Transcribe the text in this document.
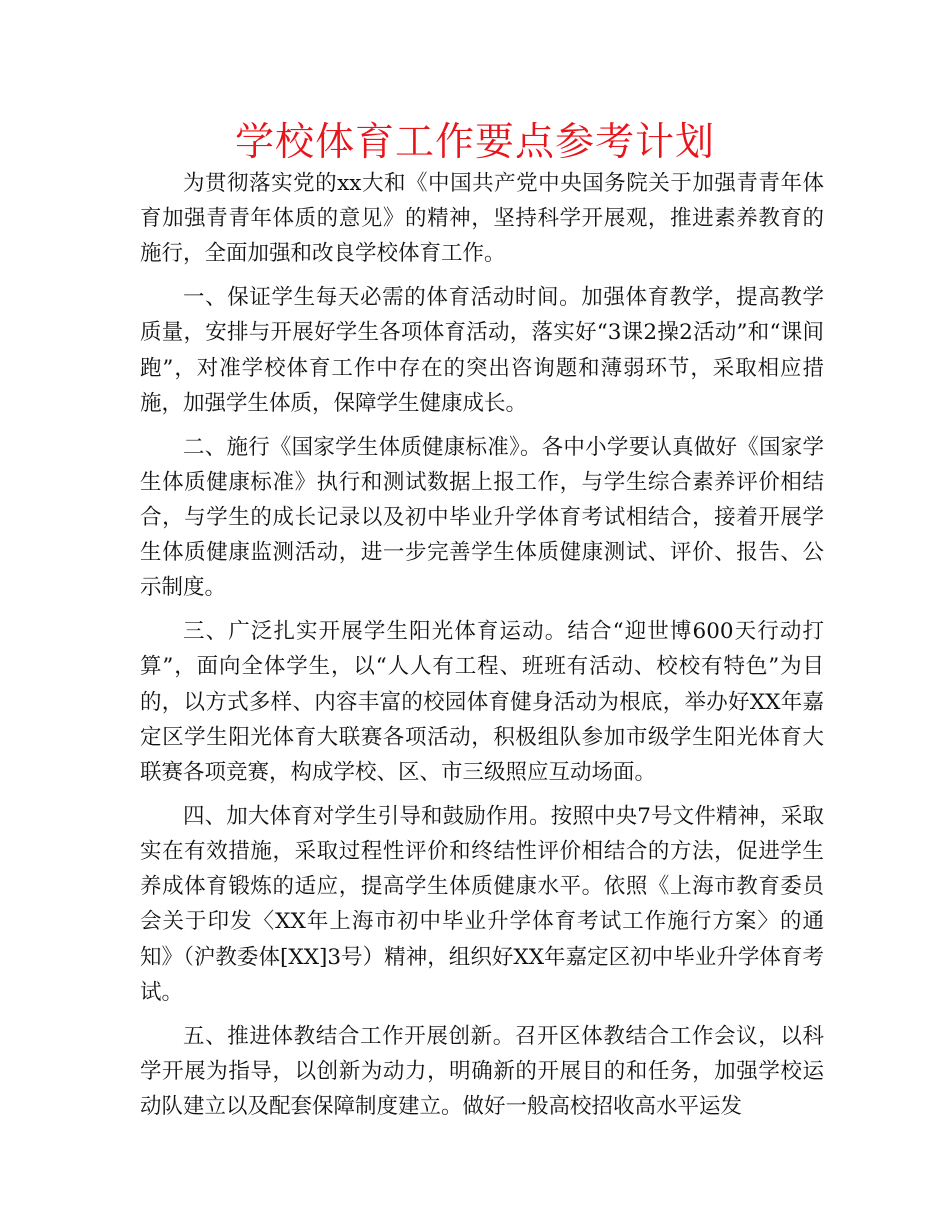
学校体育工作要点参考计划

为贯彻落实党的xx大和《中国共产党中央国务院关于加强青青年体育加强青青年体质的意见》的精神，坚持科学开展观，推进素养教育的施行，全面加强和改良学校体育工作。

一、保证学生每天必需的体育活动时间。加强体育教学，提高教学质量，安排与开展好学生各项体育活动，落实好“3课2操2活动”和“课间跑”，对准学校体育工作中存在的突出咨询题和薄弱环节，采取相应措施，加强学生体质，保障学生健康成长。

二、施行《国家学生体质健康标准》。各中小学要认真做好《国家学生体质健康标准》执行和测试数据上报工作，与学生综合素养评价相结合，与学生的成长记录以及初中毕业升学体育考试相结合，接着开展学生体质健康监测活动，进一步完善学生体质健康测试、评价、报告、公示制度。

三、广泛扎实开展学生阳光体育运动。结合“迎世博600天行动打算”，面向全体学生，以“人人有工程、班班有活动、校校有特色”为目的，以方式多样、内容丰富的校园体育健身活动为根底，举办好XX年嘉定区学生阳光体育大联赛各项活动，积极组队参加市级学生阳光体育大联赛各项竞赛，构成学校、区、市三级照应互动场面。

四、加大体育对学生引导和鼓励作用。按照中央7号文件精神，采取实在有效措施，采取过程性评价和终结性评价相结合的方法，促进学生养成体育锻炼的适应，提高学生体质健康水平。依照《上海市教育委员会关于印发〈XX年上海市初中毕业升学体育考试工作施行方案〉的通知》（沪教委体[XX]3号）精神，组织好XX年嘉定区初中毕业升学体育考试。

五、推进体教结合工作开展创新。召开区体教结合工作会议，以科学开展为指导，以创新为动力，明确新的开展目的和任务，加强学校运动队建立以及配套保障制度建立。做好一般高校招收高水平运发
